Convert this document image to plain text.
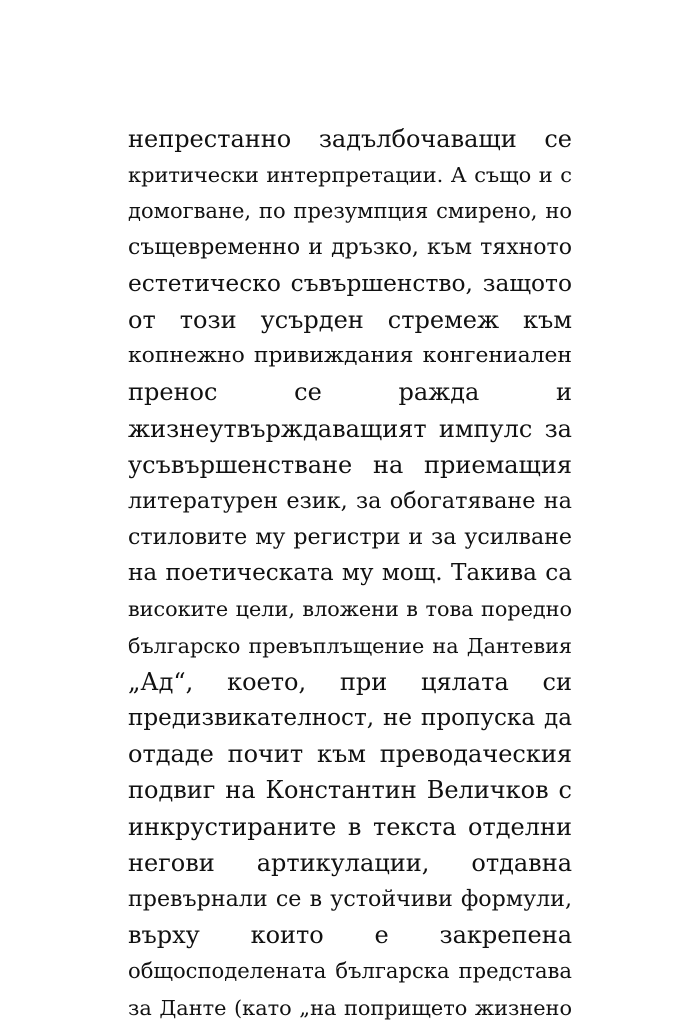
непрестанно задълбочаващи се
критически интерпретации. А също и с
домогване, по презумпция смирено, но
същевременно и дръзко, към тяхното
естетическо съвършенство, защото
от този усърден стремеж към
копнежно привиждания конгениален
пренос се ражда и
жизнеутвърждаващият импулс за
усъвършенстване на приемащия
литературен език, за обогатяване на
стиловите му регистри и за усилване
на поетическата му мощ. Такива са
високите цели, вложени в това поредно
българско превъплъщение на Дантевия
„Ад“, което, при цялата си
предизвикателност, не пропуска да
отдаде почит към преводаческия
подвиг на Константин Величков с
инкрустираните в текста отделни
негови артикулации, отдавна
превърнали се в устойчиви формули,
върху които е закрепена
общосподелената българска представа
за Данте (като „на попрището жизнено
